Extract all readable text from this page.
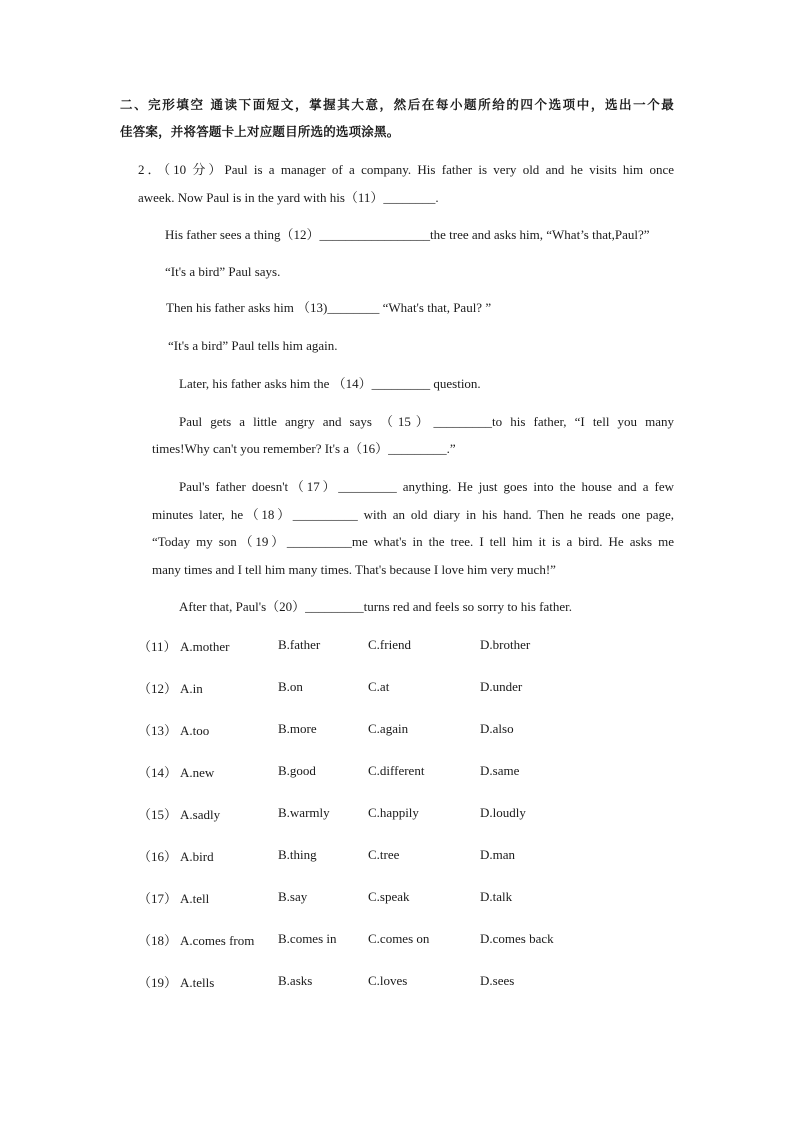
二、完形填空 通读下面短文，掌握其大意，然后在每小题所给的四个选项中，选出一个最
佳答案，并将答题卡上对应题目所选的选项涂黑。
2．（10 分）Paul is a manager of a company. His father is very old and he visits him once
aweek. Now Paul is in the yard with his（11）________.
His father sees a thing（12）_________________the tree and asks him, “What’s that,Paul?”
“It's a bird” Paul says.
Then his father asks him （13)________ “What's that, Paul? ”
“It's a bird” Paul tells him again.
Later, his father asks him the （14）_________ question.
Paul gets a little angry and says （15）_________to his father, “I tell you many
times!Why can't you remember? It's a（16）_________.”
Paul's father doesn't（17）_________ anything. He just goes into the house and a few
minutes later, he（18）__________ with an old diary in his hand. Then he reads one page,
“Today my son（19）__________me what's in the tree. I tell him it is a bird. He asks me
many times and I tell him many times. That's because I love him very much!”
After that, Paul's（20）_________turns red and feels so sorry to his father.
（11） A.mother	B.father	C.friend	D.brother
（12） A.in	B.on	C.at	D.under
（13） A.too	B.more	C.again	D.also
（14） A.new	B.good	C.different	D.same
（15） A.sadly	B.warmly	C.happily	D.loudly
（16） A.bird	B.thing	C.tree	D.man
（17） A.tell	B.say	C.speak	D.talk
（18） A.comes from B.comes in C.comes on	D.comes back
（19） A.tells	B.asks	C.loves	D.sees
